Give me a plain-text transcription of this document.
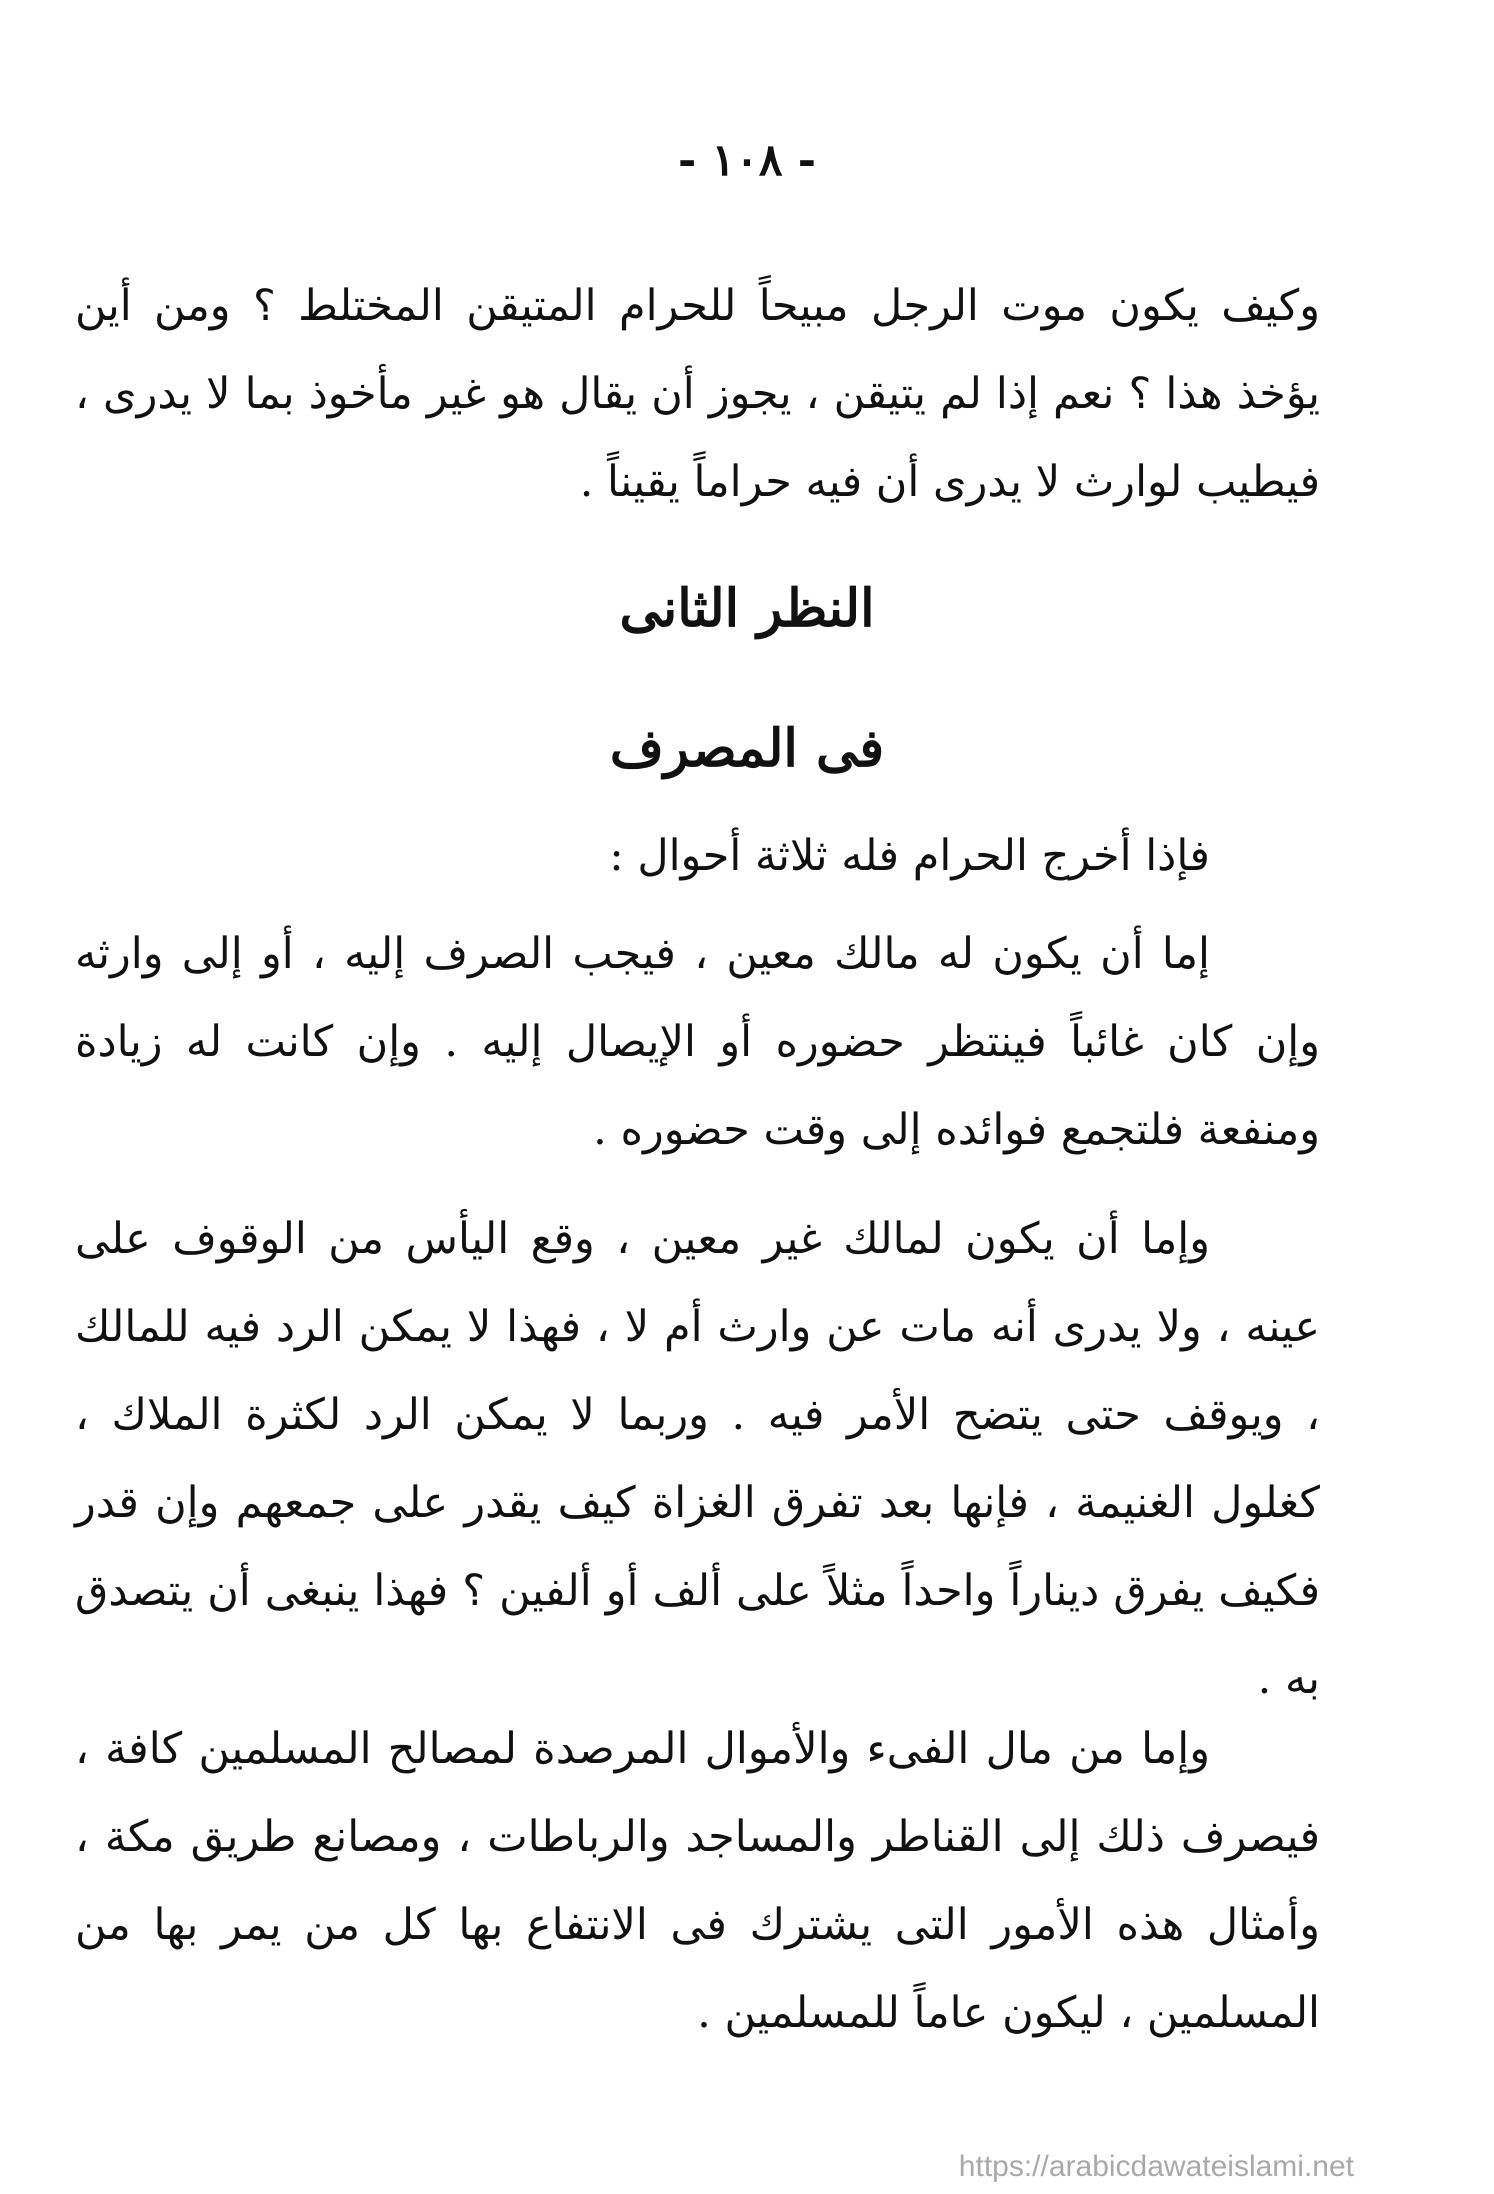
- ١٠٨ -
وكيف يكون موت الرجل مبيحاً للحرام المتيقن المختلط ؟ ومن أين يؤخذ هذا ؟ نعم إذا لم يتيقن ، يجوز أن يقال هو غير مأخوذ بما لا يدرى ، فيطيب لوارث لا يدرى أن فيه حراماً يقيناً .
النظر الثانى
فى المصرف
فإذا أخرج الحرام فله ثلاثة أحوال :
إما أن يكون له مالك معين ، فيجب الصرف إليه ، أو إلى وارثه وإن كان غائباً فينتظر حضوره أو الإيصال إليه . وإن كانت له زيادة ومنفعة فلتجمع فوائده إلى وقت حضوره .
وإما أن يكون لمالك غير معين ، وقع اليأس من الوقوف على عينه ، ولا يدرى أنه مات عن وارث أم لا ، فهذا لا يمكن الرد فيه للمالك ، ويوقف حتى يتضح الأمر فيه . وربما لا يمكن الرد لكثرة الملاك ، كغلول الغنيمة ، فإنها بعد تفرق الغزاة كيف يقدر على جمعهم وإن قدر فكيف يفرق ديناراً واحداً مثلاً على ألف أو ألفين ؟ فهذا ينبغى أن يتصدق به .
وإما من مال الفىء والأموال المرصدة لمصالح المسلمين كافة ، فيصرف ذلك إلى القناطر والمساجد والرباطات ، ومصانع طريق مكة ، وأمثال هذه الأمور التى يشترك فى الانتفاع بها كل من يمر بها من المسلمين ، ليكون عاماً للمسلمين .
https://arabicdawateislami.net
